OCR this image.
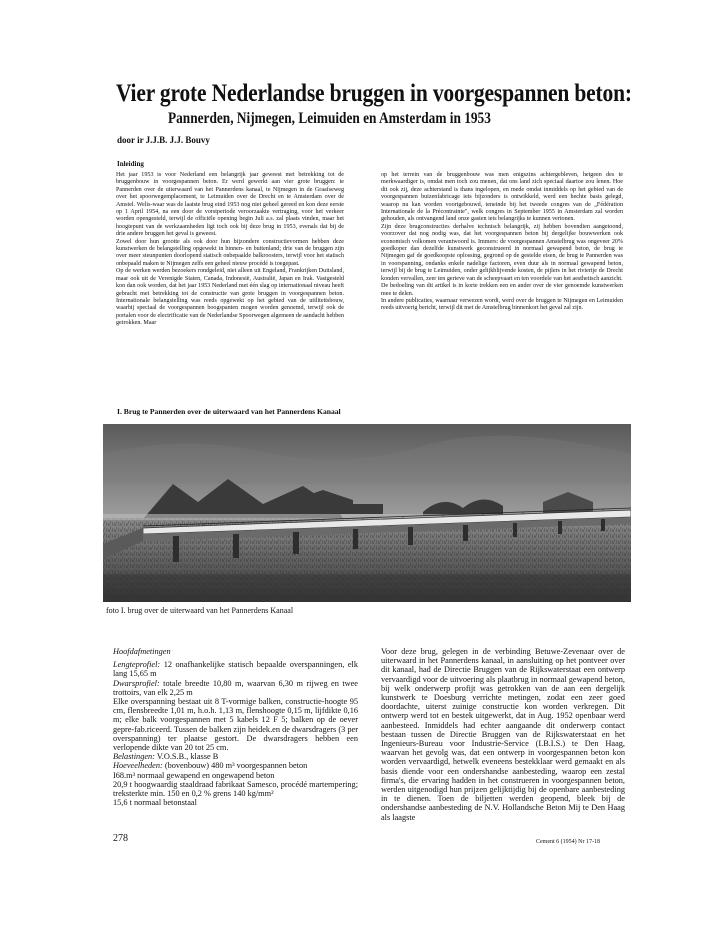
Vier grote Nederlandse bruggen in voorgespannen beton:
Pannerden, Nijmegen, Leimuiden en Amsterdam in 1953
door ir J.J.B. J.J. Bouvy
Inleiding

Het jaar 1953 is voor Nederland een belangrijk jaar geweest met betrekking tot de bruggenbouw in voorgespannen beton. Er werd gewerkt aan vier grote bruggen: te Pannerden over de uiterwaard van het Pannerdens kanaal, te Nijmegen in de Graafseweg over het spoorwegemplacement, te Leimuiden over de Drecht en te Amsterdam over de Amstel. Welis-waar was de laatste brug eind 1953 nog niet geheel gereed en kon deze eerste op 1 April 1954, na een door de vorstperiode veroorzaakte vertraging, voor het verkeer worden opengesteld, terwijl de officiële opening begin Juli a.s. zal plaats vinden, maar het hoogtepunt van de werkzaamheden ligt toch ook bij deze brug in 1953, evenals dat bij de drie andere bruggen het geval is geweest.

Zowel door hun grootte als ook door hun bijzondere constructievormen hebben deze kunstwerken de belangstelling opgewekt in binnen- en buitenland; drie van de bruggen zijn over meer steunpunten doorlopend statisch onbepaalde balkroosters, terwijl voor het statisch onbepaald maken te Nijmegen zelfs een geheel nieuw procédé is toegepast.

Op de werken werden bezoekers rondgeleid, niet alleen uit Engeland, Frankrijken Duitsland, maar ook uit de Verenigde Staten, Canada, Indonesië, Australië, Japan en Irak. Vastgesteld kon dan ook worden, dat het jaar 1953 Nederland met één slag op internationaal niveau heeft gebracht met betrekking tot de constructie van grote bruggen in voorgespannen beton. Internationale belangstelling was reeds opgewekt op het gebied van de utiliteitsbouw, waarbij speciaal de voorgespannen boogspanten mogen worden genoemd, terwijl ook de portalen voor de electrificatie van de Nederlandse Spoorwegen algemeen de aandacht hebben getrokken. Maar

op het terrein van de bruggenbouw was men enigszins achtergebleven, hetgeen des te merkwaardiger is, omdat men toch zou menen, dat ons land zich speciaal daartoe zou lenen. Hoe dit ook zij, deze achterstand is thans ingelopen, en mede omdat inmiddels op het gebied van de voorgespannen buizenfabricage iets bijzonders is ontwikkeld, werd een hechte basis gelegd, waarop nu kan worden voortgebouwd, teneinde bij het tweede congres van de „Fédération Internationale de la Précontrainte", welk congres in September 1955 in Amsterdam zal worden gehouden, als ontvangend land onze gasten iets belangrijks te kunnen vertonen.

Zijn deze brugconstructies derhalve technisch belangrijk, zij hebben bovendien aangetoond, voorzover dat nog nodig was, dat het voorgespannen beton bij dergelijke bouwwerken ook economisch volkomen verantwoord is. Immers: de voorgespannen Amstelbrug was ongeveer 20% goedkoper dan dezelfde kunstwerk geconstrueerd in normaal gewapend beton, de brug te Nijmegen gaf de goedkoopste oplossing, gegrond op de gestelde eisen, de brug te Pannerden was in voorspanning, ondanks enkele nadelige factoren, even duur als in normaal gewapend beton, terwijl bij de brug te Leimuiden, onder gelijkblijvende kosten, de pijlers in het rivierije de Drecht konden vervallen, zeer ten gerieve van de scheepvaart en ten voordele van het aesthetisch aanzicht.

De bedoeling van dit artikel is in korte trekken een en ander over de vier genoemde kunstwerken mee te delen.

In andere publicaties, waarnaar verwezen wordt, werd over de bruggen te Nijmegen en Leimuiden reeds uitvoerig bericht, terwijl dit met de Amstelbrug binnenkort het geval zal zijn.

I. Brug te Pannerden over de uiterwaard van het Pannerdens Kanaal
foto I. brug over de uiterwaard van het Pannerdens Kanaal

Hoofdafmetingen

Lengteprofiel: 12 onafhankelijke statisch bepaalde overspanningen, elk lang 15,65 m

Dwarsprofiel: totale breedte 10,80 m, waarvan 6,30 m rijweg en twee trottoirs, van elk 2,25 m

Elke overspanning bestaat uit 8 T-vormige balken, constructie-hoogte 95 cm, flensbreedte 1,01 m, h.o.h. 1,13 m, flenshoogte 0,15 m, lijfdikte 0,16 m; elke balk voorgespannen met 5 kabels 12 F 5; balken op de oever gepre-fab.riceerd. Tussen de balken zijn heidek.en de dwarsdragers (3 per overspanning) ter plaatse gestort. De dwarsdragers hebben een verlopende dikte van 20 tot 25 cm.

Belastingen: V.O.S.B., klasse B

Hoeveelheden: (bovenbouw) 480 m³ voorgespannen beton

I68.m³ normaal gewapend en ongewapend beton

20,9 t hoogwaardig staaldraad fabrikaat Samesco, procédé martempering; treksterkte min. 150 en 0,2 % grens 140 kg/mm²

15,6 t normaal betonstaal

Voor deze brug, gelegen in de verbinding Betuwe-Zevenaar over de uiterwaard in het Pannerdens kanaal, in aansluiting op het pontveer over dit kanaal, had de Directie Bruggen van de Rijkswaterstaat een ontwerp vervaardigd voor de uitvoering als plaatbrug in normaal gewapend beton, bij welk onderwerp profijt was getrokken van de aan een dergelijk kunstwerk te Doesburg verrichte metingen, zodat een zeer goed doordachte, uiterst zuinige constructie kon worden verkregen. Dit ontwerp werd tot en bestek uitgewerkt, dat in Aug. 1952 openbaar werd aanbesteed. Inmiddels had echter aangaande dit onderwerp contact bestaan tussen de Directie Bruggen van de Rijkswaterstaat en het Ingenieurs-Bureau voor Industrie-Service (I.B.I.S.) te Den Haag, waarvan het gevolg was, dat een ontwerp in voorgespannen beton kon worden vervaardigd, hetwelk eveneens bestekklaar werd gemaakt en als basis diende voor een ondershandse aanbesteding, waarop een zestal firma's, die ervaring hadden in het construeren in voorgespannen beton, werden uitgenodigd hun prijzen gelijktijdig bij de openbare aanbesteding in te dienen. Toen de biljetten werden geopend, bleek bij de ondershandse aanbesteding de N.V. Hollandsche Beton Mij te Den Haag als laagste

278	Cement 6 (1954) Nr 17-18
